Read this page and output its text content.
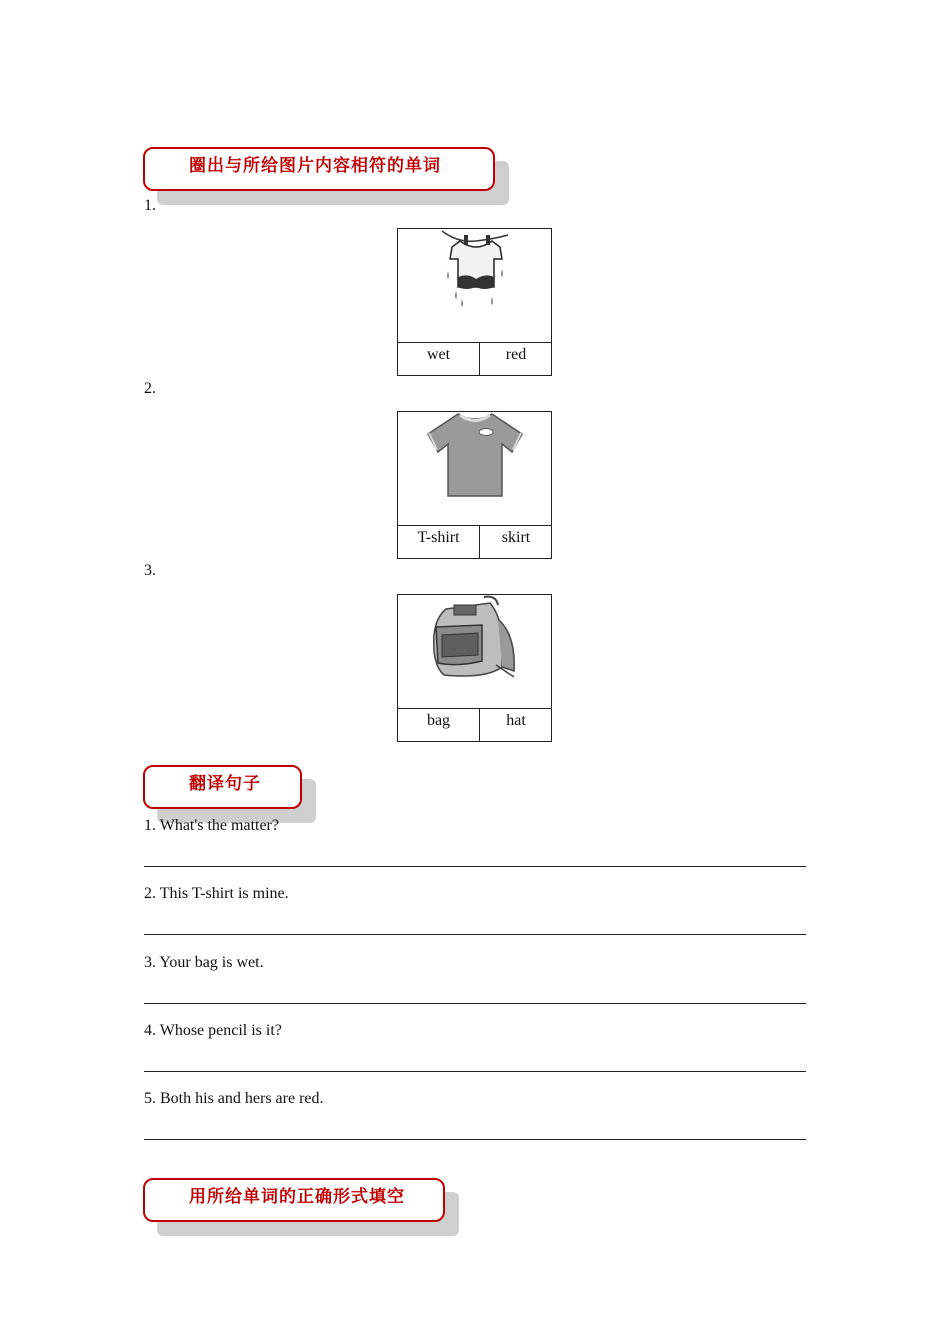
圈出与所给图片内容相符的单词
1.
wet	red
2.
T-shirt	skirt
3.
bag	hat
翻译句子
1. What's the matter?
2. This T-shirt is mine.
3. Your bag is wet.
4. Whose pencil is it?
5. Both his and hers are red.
用所给单词的正确形式填空
